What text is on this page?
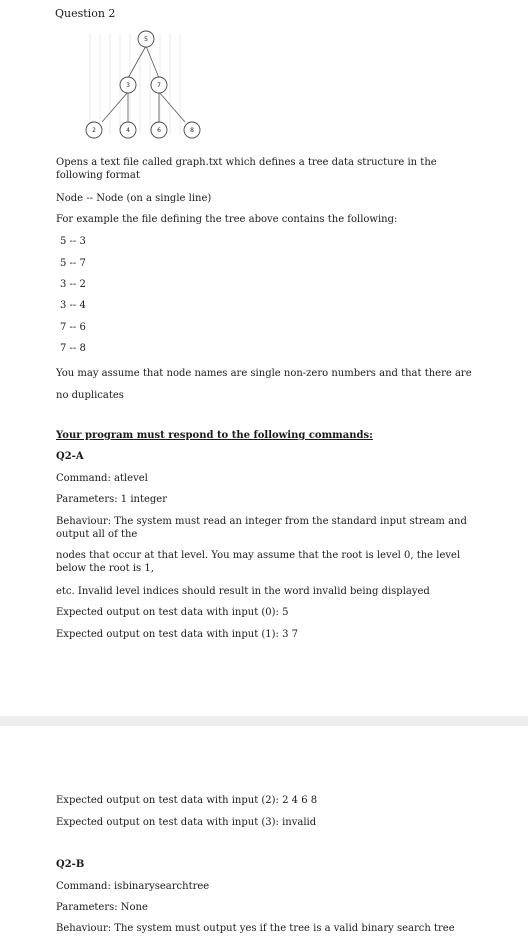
Question 2
5
3	7
2	4	6	8
Opens a text file called graph.txt which defines a tree data structure in the following format
Node -- Node (on a single line)
For example the file defining the tree above contains the following:
5 -- 3
5 -- 7
3 -- 2
3 -- 4
7 -- 6
7 -- 8
You may assume that node names are single non-zero numbers and that there are no duplicates
Your program must respond to the following commands:
Q2-A
Command: atlevel
Parameters: 1 integer
Behaviour: The system must read an integer from the standard input stream and output all of the
nodes that occur at that level. You may assume that the root is level 0, the level below the root is 1,
etc. Invalid level indices should result in the word invalid being displayed
Expected output on test data with input (0): 5
Expected output on test data with input (1): 3 7
Expected output on test data with input (2): 2 4 6 8
Expected output on test data with input (3): invalid
Q2-B
Command: isbinarysearchtree
Parameters: None
Behaviour: The system must output yes if the tree is a valid binary search tree
